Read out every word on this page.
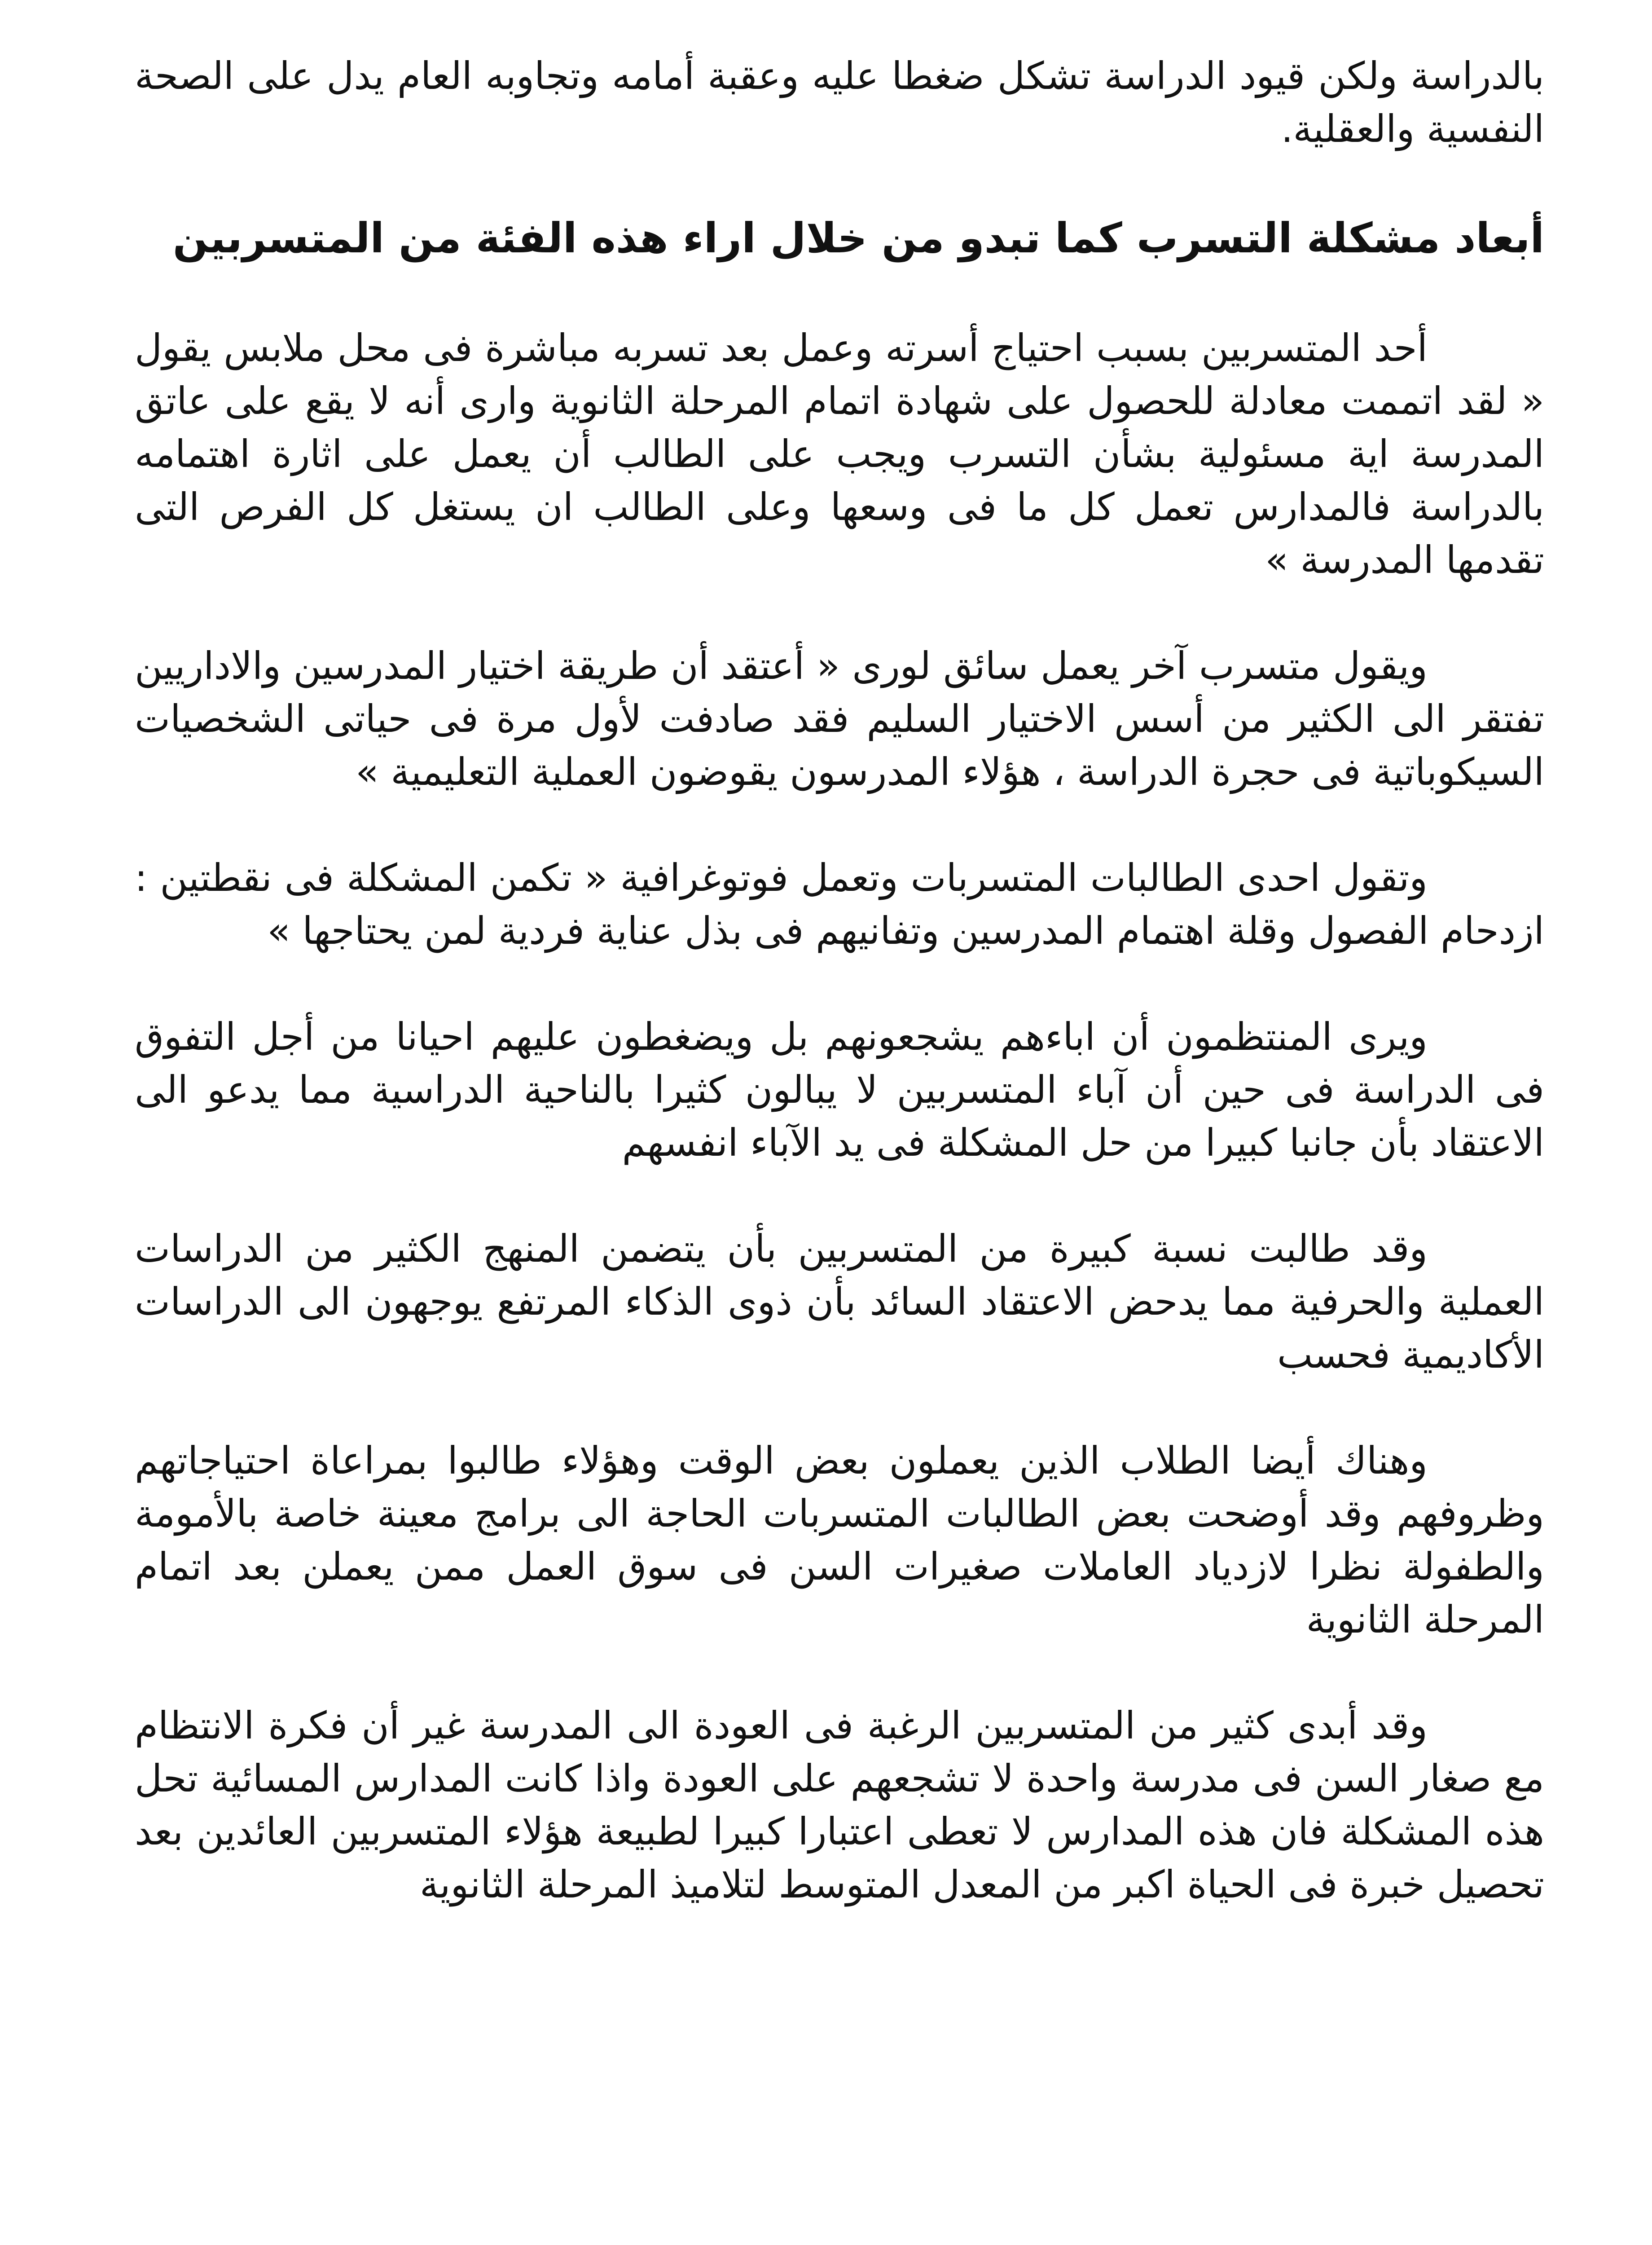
بالدراسة ولكن قيود الدراسة تشكل ضغطا عليه وعقبة أمامه وتجاوبه العام يدل على الصحة النفسية والعقلية.

أبعاد مشكلة التسرب كما تبدو من خلال اراء هذه الفئة من المتسربين

أحد المتسربين بسبب احتياج أسرته وعمل بعد تسربه مباشرة فى محل ملابس يقول « لقد اتممت معادلة للحصول على شهادة اتمام المرحلة الثانوية وارى أنه لا يقع على عاتق المدرسة اية مسئولية بشأن التسرب ويجب على الطالب أن يعمل على اثارة اهتمامه بالدراسة فالمدارس تعمل كل ما فى وسعها وعلى الطالب ان يستغل كل الفرص التى تقدمها المدرسة »

ويقول متسرب آخر يعمل سائق لورى « أعتقد أن طريقة اختيار المدرسين والاداريين تفتقر الى الكثير من أسس الاختيار السليم فقد صادفت لأول مرة فى حياتى الشخصيات السيكوباتية فى حجرة الدراسة ، هؤلاء المدرسون يقوضون العملية التعليمية »

وتقول احدى الطالبات المتسربات وتعمل فوتوغرافية « تكمن المشكلة فى نقطتين : ازدحام الفصول وقلة اهتمام المدرسين وتفانيهم فى بذل عناية فردية لمن يحتاجها »

ويرى المنتظمون أن اباءهم يشجعونهم بل ويضغطون عليهم احيانا من أجل التفوق فى الدراسة فى حين أن آباء المتسربين لا يبالون كثيرا بالناحية الدراسية مما يدعو الى الاعتقاد بأن جانبا كبيرا من حل المشكلة فى يد الآباء انفسهم

وقد طالبت نسبة كبيرة من المتسربين بأن يتضمن المنهج الكثير من الدراسات العملية والحرفية مما يدحض الاعتقاد السائد بأن ذوى الذكاء المرتفع يوجهون الى الدراسات الأكاديمية فحسب

وهناك أيضا الطلاب الذين يعملون بعض الوقت وهؤلاء طالبوا بمراعاة احتياجاتهم وظروفهم وقد أوضحت بعض الطالبات المتسربات الحاجة الى برامج معينة خاصة بالأمومة والطفولة نظرا لازدياد العاملات صغيرات السن فى سوق العمل ممن يعملن بعد اتمام المرحلة الثانوية

وقد أبدى كثير من المتسربين الرغبة فى العودة الى المدرسة غير أن فكرة الانتظام مع صغار السن فى مدرسة واحدة لا تشجعهم على العودة واذا كانت المدارس المسائية تحل هذه المشكلة فان هذه المدارس لا تعطى اعتبارا كبيرا لطبيعة هؤلاء المتسربين العائدين بعد تحصيل خبرة فى الحياة اكبر من المعدل المتوسط لتلاميذ المرحلة الثانوية
